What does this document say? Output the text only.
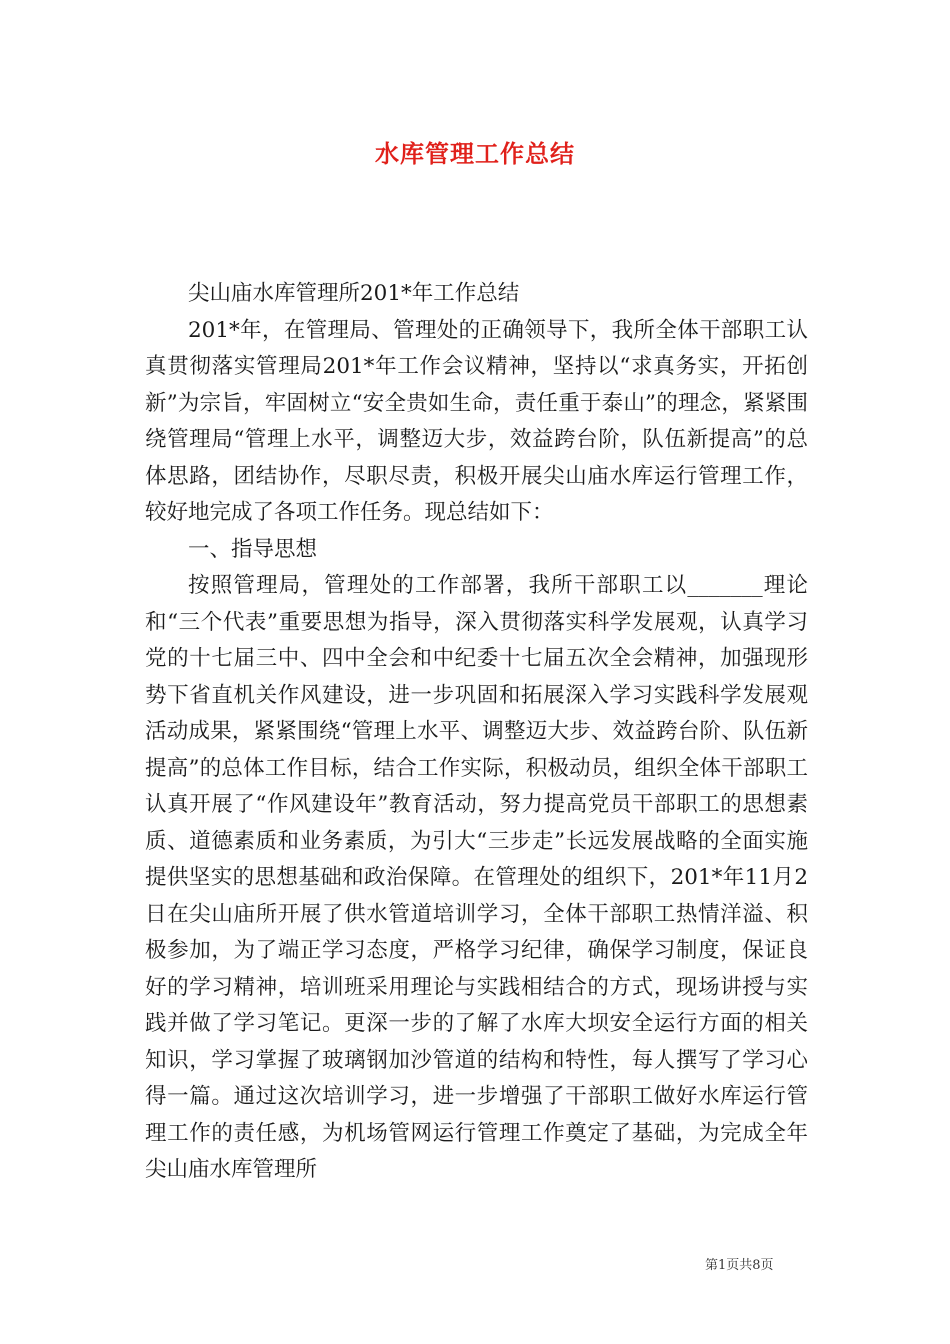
水库管理工作总结

尖山庙水库管理所201*年工作总结

201*年，在管理局、管理处的正确领导下，我所全体干部职工认真贯彻落实管理局201*年工作会议精神，坚持以“求真务实，开拓创新”为宗旨，牢固树立“安全贵如生命，责任重于泰山”的理念，紧紧围绕管理局“管理上水平，调整迈大步，效益跨台阶，队伍新提高”的总体思路，团结协作，尽职尽责，积极开展尖山庙水库运行管理工作，较好地完成了各项工作任务。现总结如下：

一、指导思想

按照管理局，管理处的工作部署，我所干部职工以_______理论和“三个代表”重要思想为指导，深入贯彻落实科学发展观，认真学习党的十七届三中、四中全会和中纪委十七届五次全会精神，加强现形势下省直机关作风建设，进一步巩固和拓展深入学习实践科学发展观活动成果，紧紧围绕“管理上水平、调整迈大步、效益跨台阶、队伍新提高”的总体工作目标，结合工作实际，积极动员，组织全体干部职工认真开展了“作风建设年”教育活动，努力提高党员干部职工的思想素质、道德素质和业务素质，为引大“三步走”长远发展战略的全面实施提供坚实的思想基础和政治保障。在管理处的组织下，201*年11月2日在尖山庙所开展了供水管道培训学习，全体干部职工热情洋溢、积极参加，为了端正学习态度，严格学习纪律，确保学习制度，保证良好的学习精神，培训班采用理论与实践相结合的方式，现场讲授与实践并做了学习笔记。更深一步的了解了水库大坝安全运行方面的相关知识，学习掌握了玻璃钢加沙管道的结构和特性，每人撰写了学习心得一篇。通过这次培训学习，进一步增强了干部职工做好水库运行管理工作的责任感，为机场管网运行管理工作奠定了基础，为完成全年尖山庙水库管理所

第1页共8页
